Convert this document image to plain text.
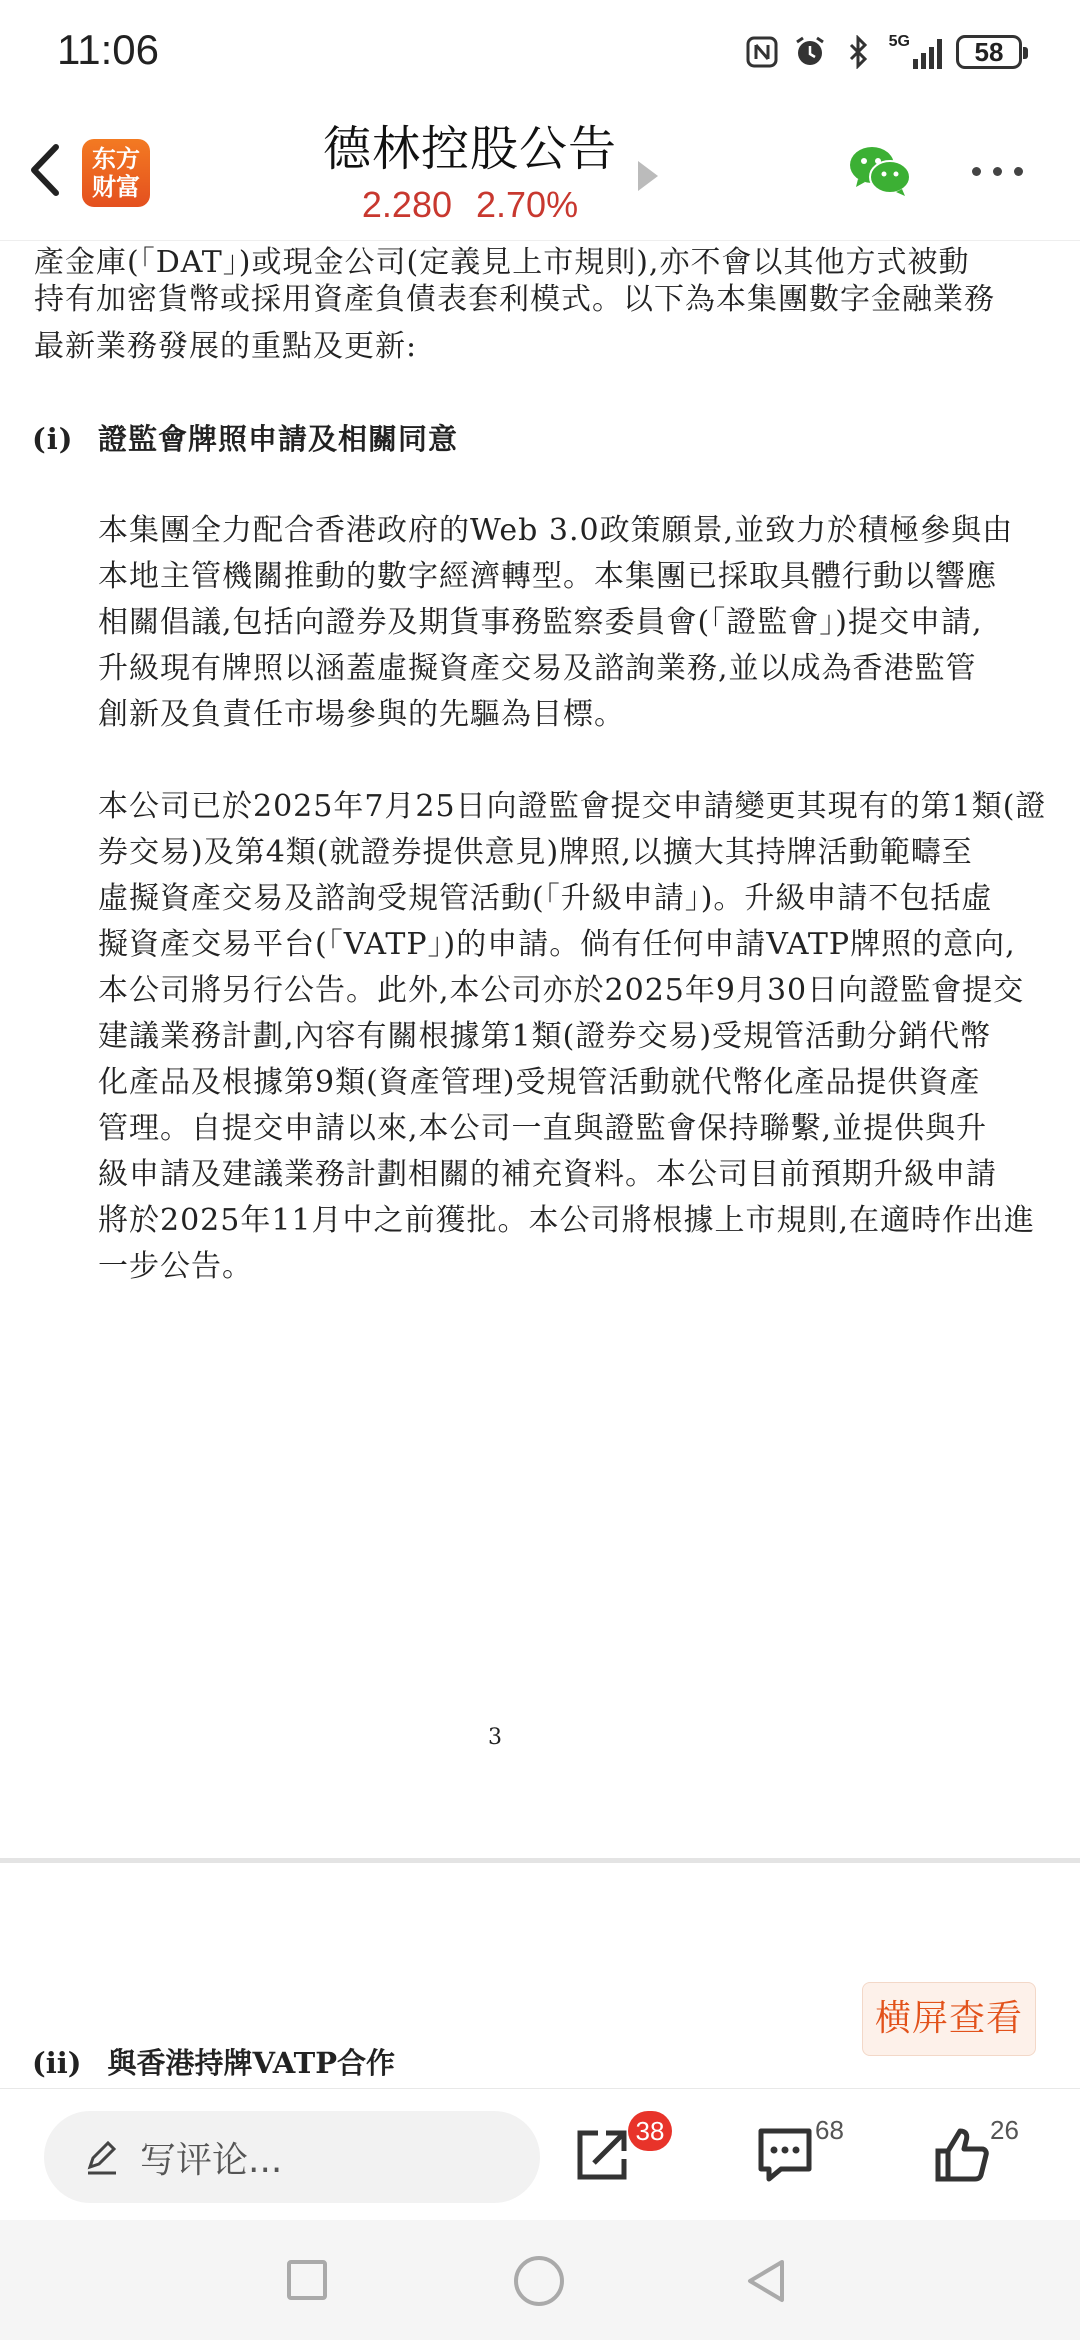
11:06	5G 58
东方
财富
德林控股公告
2.280 2.70%
產金庫(「DAT」)或現金公司(定義見上市規則),亦不會以其他方式被動
持有加密貨幣或採用資產負債表套利模式。以下為本集團數字金融業務
最新業務發展的重點及更新:
(i) 證監會牌照申請及相關同意
本集團全力配合香港政府的Web 3.0政策願景,並致力於積極參與由
本地主管機關推動的數字經濟轉型。本集團已採取具體行動以響應
相關倡議,包括向證券及期貨事務監察委員會(「證監會」)提交申請,
升級現有牌照以涵蓋虛擬資產交易及諮詢業務,並以成為香港監管
創新及負責任市場參與的先驅為目標。
本公司已於2025年7月25日向證監會提交申請變更其現有的第1類(證
券交易)及第4類(就證券提供意見)牌照,以擴大其持牌活動範疇至
虛擬資產交易及諮詢受規管活動(「升級申請」)。升級申請不包括虛
擬資產交易平台(「VATP」)的申請。倘有任何申請VATP牌照的意向,
本公司將另行公告。此外,本公司亦於2025年9月30日向證監會提交
建議業務計劃,內容有關根據第1類(證券交易)受規管活動分銷代幣
化產品及根據第9類(資產管理)受規管活動就代幣化產品提供資產
管理。自提交申請以來,本公司一直與證監會保持聯繫,並提供與升
級申請及建議業務計劃相關的補充資料。本公司目前預期升級申請
將於2025年11月中之前獲批。本公司將根據上市規則,在適時作出進
一步公告。
3
横屏查看
(ii) 與香港持牌VATP合作
写评论...
38	68	26
